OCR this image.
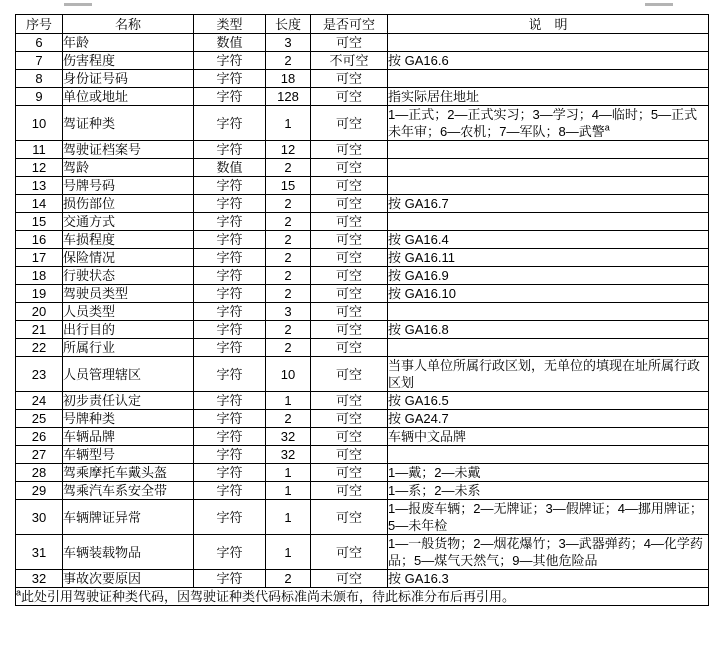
序号	名称	类型	长度	是否可空	说　明
6	年龄	数值	3	可空	
7	伤害程度	字符	2	不可空	按 GA16.6
8	身份证号码	字符	18	可空	
9	单位或地址	字符	128	可空	指实际居住地址
10	驾证种类	字符	1	可空	1—正式；2—正式实习；3—学习；4—临时；5—正式未年审；6—农机；7—军队；8—武警$^a$
11	驾驶证档案号	字符	12	可空	
12	驾龄	数值	2	可空	
13	号牌号码	字符	15	可空	
14	损伤部位	字符	2	可空	按 GA16.7
15	交通方式	字符	2	可空	
16	车损程度	字符	2	可空	按 GA16.4
17	保险情况	字符	2	可空	按 GA16.11
18	行驶状态	字符	2	可空	按 GA16.9
19	驾驶员类型	字符	2	可空	按 GA16.10
20	人员类型	字符	3	可空	
21	出行目的	字符	2	可空	按 GA16.8
22	所属行业	字符	2	可空	
23	人员管理辖区	字符	10	可空	当事人单位所属行政区划，无单位的填现在址所属行政区划
24	初步责任认定	字符	1	可空	按 GA16.5
25	号牌种类	字符	2	可空	按 GA24.7
26	车辆品牌	字符	32	可空	车辆中文品牌
27	车辆型号	字符	32	可空	
28	驾乘摩托车戴头盔	字符	1	可空	1—戴；2—未戴
29	驾乘汽车系安全带	字符	1	可空	1—系；2—未系
30	车辆牌证异常	字符	1	可空	1—报废车辆；2—无牌证；3—假牌证；4—挪用牌证；5—未年检
31	车辆装载物品	字符	1	可空	1—一般货物；2—烟花爆竹；3—武器弹药；4—化学药品；5—煤气天然气；9—其他危险品
32	事故次要原因	字符	2	可空	按 GA16.3
$^a$此处引用驾驶证种类代码，因驾驶证种类代码标准尚未颁布，待此标准分布后再引用。					
